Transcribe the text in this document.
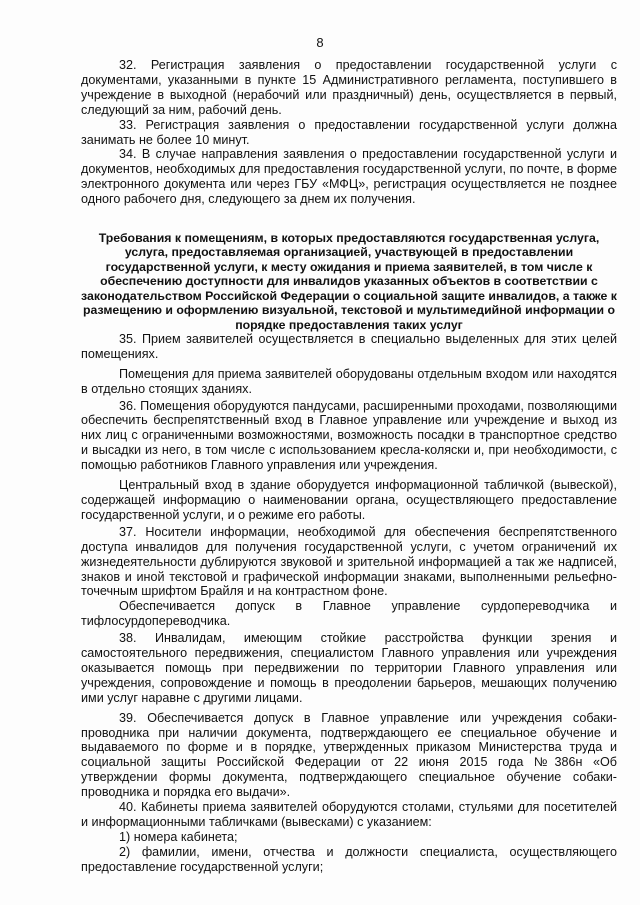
8

32. Регистрация заявления о предоставлении государственной услуги с документами, указанными в пункте 15 Административного регламента, поступившего в учреждение в выходной (нерабочий или праздничный) день, осуществляется в первый, следующий за ним, рабочий день.

33. Регистрация заявления о предоставлении государственной услуги должна занимать не более 10 минут.

34. В случае направления заявления о предоставлении государственной услуги и документов, необходимых для предоставления государственной услуги, по почте, в форме электронного документа или через ГБУ «МФЦ», регистрация осуществляется не позднее одного рабочего дня, следующего за днем их получения.

Требования к помещениям, в которых предоставляются государственная услуга, услуга, предоставляемая организацией, участвующей в предоставлении государственной услуги, к месту ожидания и приема заявителей, в том числе к обеспечению доступности для инвалидов указанных объектов в соответствии с законодательством Российской Федерации о социальной защите инвалидов, а также к размещению и оформлению визуальной, текстовой и мультимедийной информации о порядке предоставления таких услуг

35. Прием заявителей осуществляется в специально выделенных для этих целей помещениях.

Помещения для приема заявителей оборудованы отдельным входом или находятся в отдельно стоящих зданиях.

36. Помещения оборудуются пандусами, расширенными проходами, позволяющими обеспечить беспрепятственный вход в Главное управление или учреждение и выход из них лиц с ограниченными возможностями, возможность посадки в транспортное средство и высадки из него, в том числе с использованием кресла-коляски и, при необходимости, с помощью работников Главного управления или учреждения.

Центральный вход в здание оборудуется информационной табличкой (вывеской), содержащей информацию о наименовании органа, осуществляющего предоставление государственной услуги, и о режиме его работы.

37. Носители информации, необходимой для обеспечения беспрепятственного доступа инвалидов для получения государственной услуги, с учетом ограничений их жизнедеятельности дублируются звуковой и зрительной информацией а так же надписей, знаков и иной текстовой и графической информации знаками, выполненными рельефно-точечным шрифтом Брайля и на контрастном фоне.

Обеспечивается допуск в Главное управление сурдопереводчика и тифлосурдопереводчика.

38. Инвалидам, имеющим стойкие расстройства функции зрения и самостоятельного передвижения, специалистом Главного управления или учреждения оказывается помощь при передвижении по территории Главного управления или учреждения, сопровождение и помощь в преодолении барьеров, мешающих получению ими услуг наравне с другими лицами.

39. Обеспечивается допуск в Главное управление или учреждения собаки-проводника при наличии документа, подтверждающего ее специальное обучение и выдаваемого по форме и в порядке, утвержденных приказом Министерства труда и социальной защиты Российской Федерации от 22 июня 2015 года №386н «Об утверждении формы документа, подтверждающего специальное обучение собаки-проводника и порядка его выдачи».

40. Кабинеты приема заявителей оборудуются столами, стульями для посетителей и информационными табличками (вывесками) с указанием:

1) номера кабинета;

2) фамилии, имени, отчества и должности специалиста, осуществляющего предоставление государственной услуги;
